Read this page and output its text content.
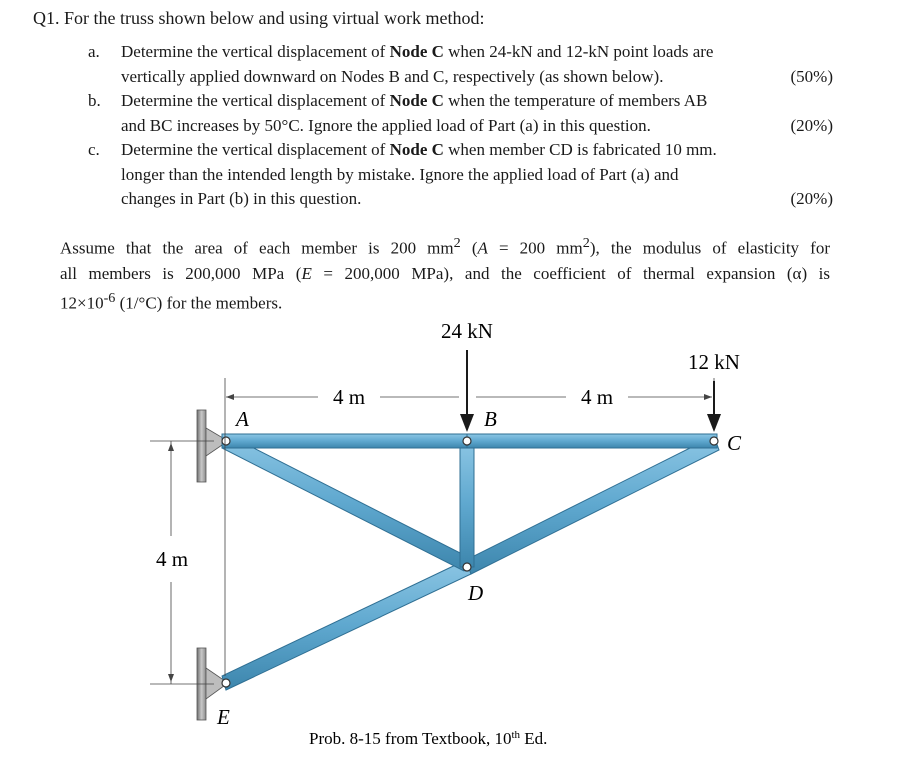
Q1. For the truss shown below and using virtual work method:
a. Determine the vertical displacement of Node C when 24-kN and 12-kN point loads are
vertically applied downward on Nodes B and C, respectively (as shown below).	(50%)
b. Determine the vertical displacement of Node C when the temperature of members AB
and BC increases by 50°C. Ignore the applied load of Part (a) in this question.	(20%)
c. Determine the vertical displacement of Node C when member CD is fabricated 10 mm.
longer than the intended length by mistake. Ignore the applied load of Part (a) and
changes in Part (b) in this question.	(20%)
Assume that the area of each member is 200 $mm^2$ (A = 200 $mm^2$), the modulus of elasticity for
all members is 200,000 MPa (E = 200,000 MPa), and the coefficient of thermal expansion (α) is
$12\times 10^{-6}$ (1/°C) for the members.
24 kN
12 kN
4 m	4 m
4 m
A	B
C
D
E
Prob. 8-15 from Textbook, 10th Ed.
